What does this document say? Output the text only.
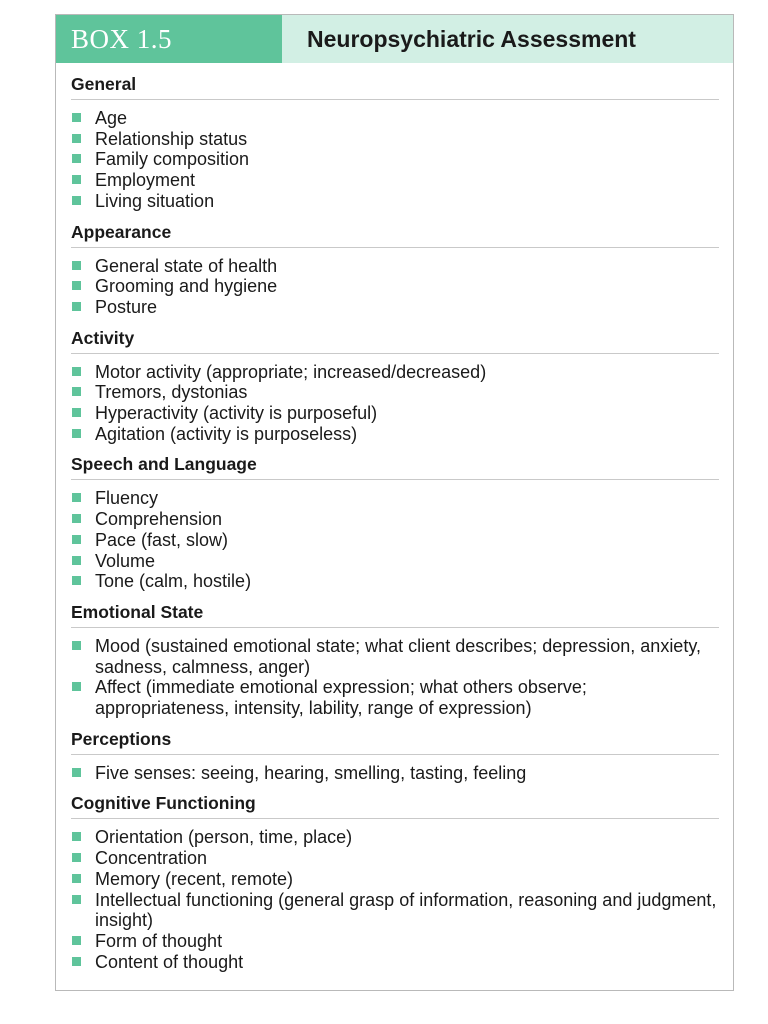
BOX 1.5	Neuropsychiatric Assessment
General
Age
Relationship status
Family composition
Employment
Living situation
Appearance
General state of health
Grooming and hygiene
Posture
Activity
Motor activity (appropriate; increased/decreased)
Tremors, dystonias
Hyperactivity (activity is purposeful)
Agitation (activity is purposeless)
Speech and Language
Fluency
Comprehension
Pace (fast, slow)
Volume
Tone (calm, hostile)
Emotional State
Mood (sustained emotional state; what client describes; depression, anxiety, sadness, calmness, anger)
Affect (immediate emotional expression; what others observe; appropriateness, intensity, lability, range of expression)
Perceptions
Five senses: seeing, hearing, smelling, tasting, feeling
Cognitive Functioning
Orientation (person, time, place)
Concentration
Memory (recent, remote)
Intellectual functioning (general grasp of information, reasoning and judgment, insight)
Form of thought
Content of thought
